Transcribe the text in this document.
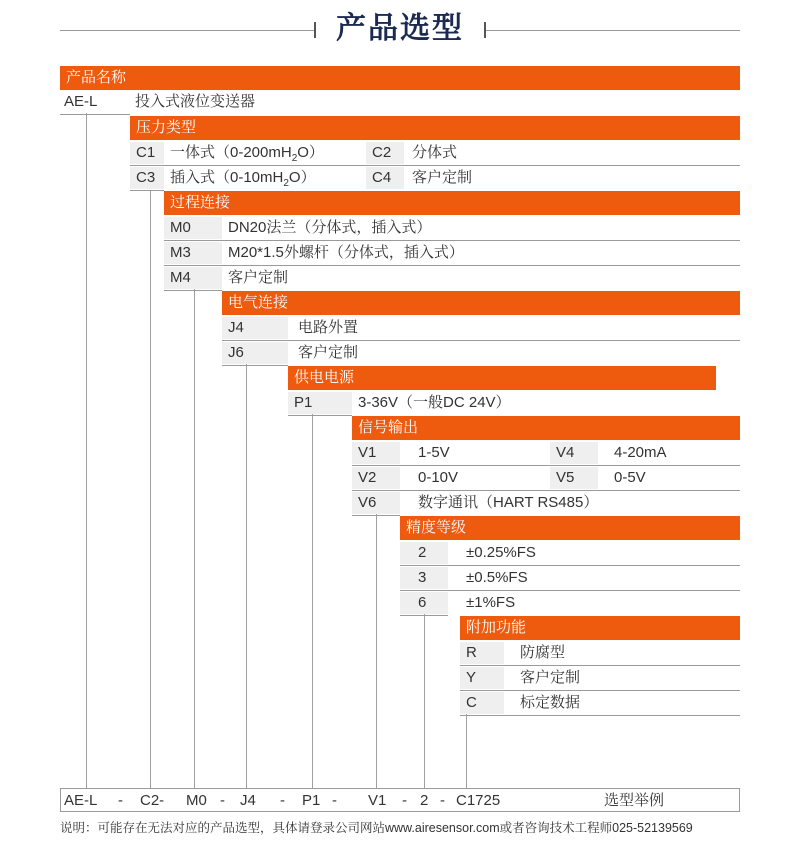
产品选型
产品名称
AE-L	投入式液位变送器
压力类型
C1 一体式$(0-200mH_2O)$	C2	分体式
C3 插入式$(0-10mH_2O)$	C4	客户定制
过程连接
M0	DN20法兰（分体式，插入式）
M3	M20*1.5外螺杆（分体式，插入式）
M4	客户定制
电气连接
J4	电路外置
J6	客户定制
供电电源
P1	3-36V（一般DC 24V）
信号输出
V1	1-5V	V4	4-20mA
V2	0-10V	V5	0-5V
V6	数字通讯（HART RS485）
精度等级
2	±0.25%FS
3	±0.5%FS
6	±1%FS
附加功能
R	防腐型
Y	客户定制
C	标定数据
AE-L - C2- M0 - J4 - P1 - V1 - 2 - C1725	选型举例
说明：可能存在无法对应的产品选型，具体请登录公司网站www.airesensor.com或者咨询技术工程师025-52139569
